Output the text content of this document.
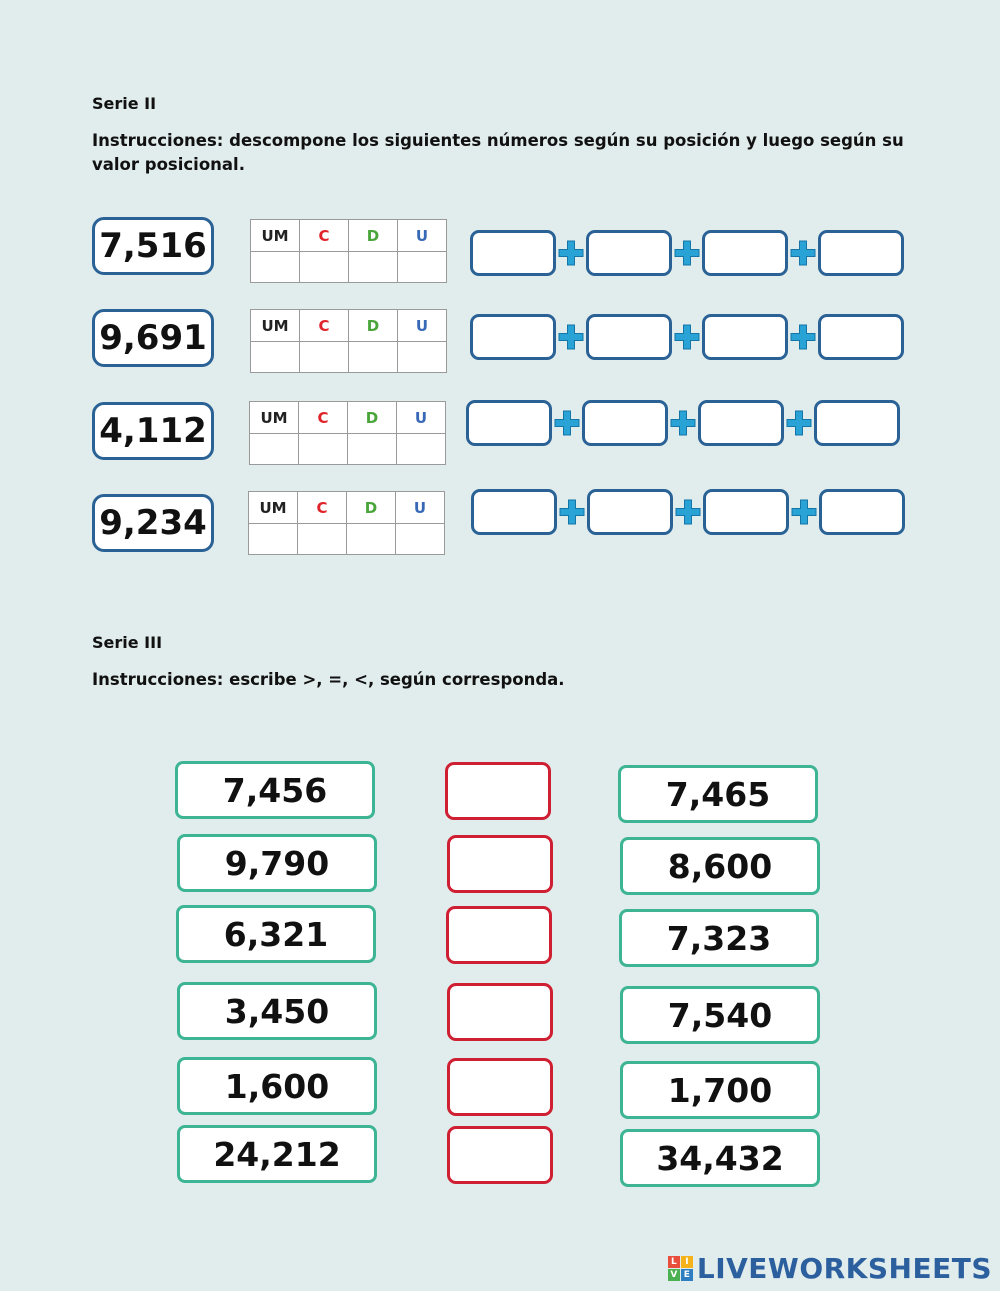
Serie II
Instrucciones: descompone los siguientes números según su posición y luego según su valor posicional.
7,516	UM	C	D	U

9,691	UM	C	D	U

4,112	UM	C	D	U

9,234	UM	C	D	U

Serie III
Instrucciones: escribe >, =, <, según corresponda.
7,456	7,465
9,790	8,600
6,321	7,323
3,450	7,540
1,600	1,700
24,212	34,432
L I
V E LIVEWORKSHEETS
